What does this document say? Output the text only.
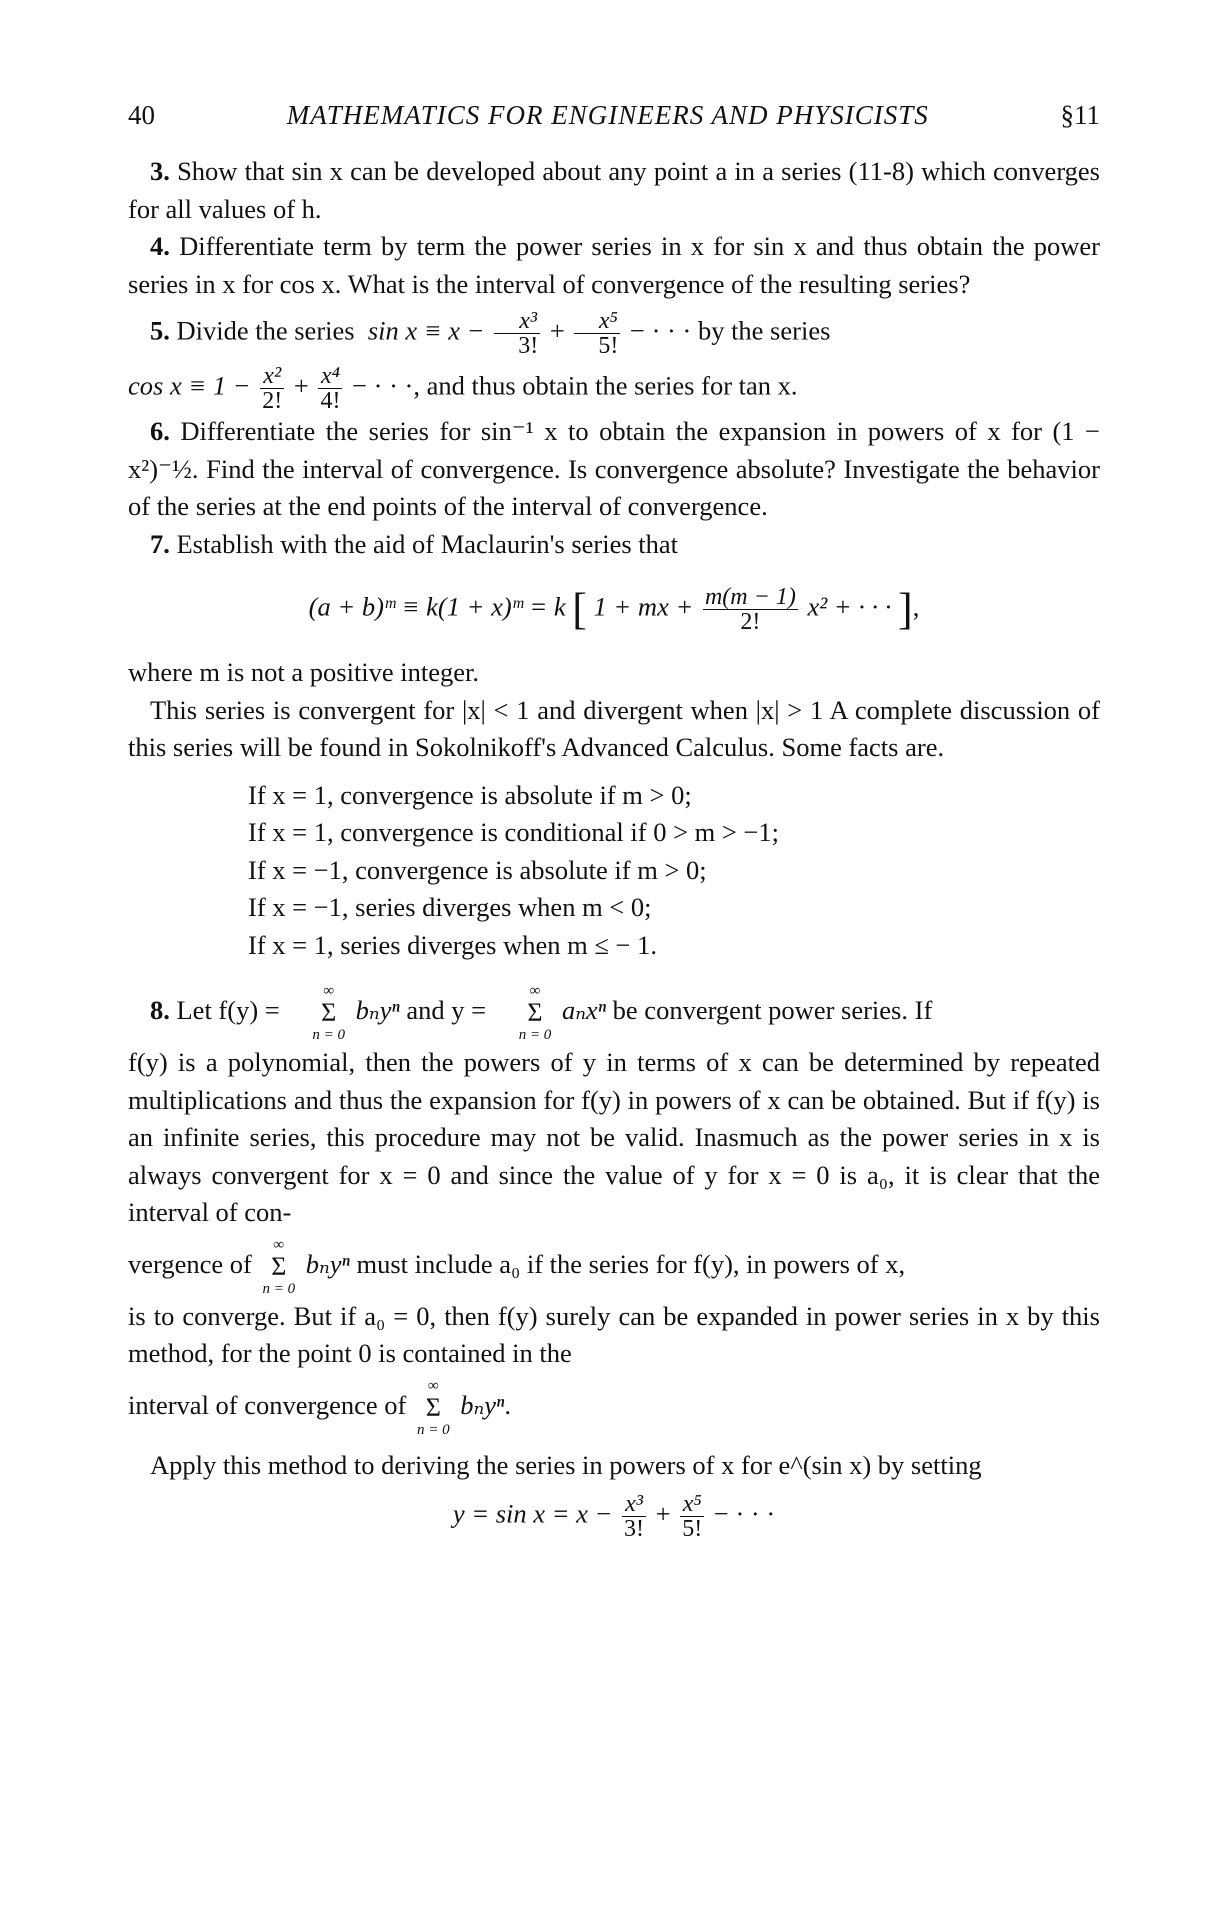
40	MATHEMATICS FOR ENGINEERS AND PHYSICISTS	§11

3. Show that sin x can be developed about any point a in a series (11-8) which converges for all values of h.

4. Differentiate term by term the power series in x for sin x and thus obtain the power series in x for cos x. What is the interval of convergence of the resulting series?

5. Divide the series $\sin x \equiv x - \frac{\text{x³}}{3!} + \frac{\text{x⁵}}{5!}$ − · · · by the series

$\cos x \equiv 1 - \frac{\text{x²}}{2!} + \frac{\text{x⁴}}{4!}$ − · · ·, and thus obtain the series for tan x.

6. Differentiate the series for sin⁻¹ x to obtain the expansion in powers of x for (1 − x²)⁻½. Find the interval of convergence. Is convergence absolute? Investigate the behavior of the series at the end points of the interval of convergence.

7. Establish with the aid of Maclaurin's series that

(a + b)ᵐ ≡ k(1 + x)ᵐ = k [ 1 + mx + $\frac{m(m - 1)}{2!} x^2$ + · · · ],

where m is not a positive integer.

This series is convergent for |x| < 1 and divergent when |x| > 1 A complete discussion of this series will be found in Sokolnikoff's Advanced Calculus. Some facts are.

If x = 1, convergence is absolute if m > 0;
If x = 1, convergence is conditional if 0 > m > −1;
If x = −1, convergence is absolute if m > 0;
If x = −1, series diverges when m < 0;
If x = 1, series diverges when m ≤ − 1.

8. Let f(y) =
∞
Σ
n = 0
bₙyⁿ and y =
∞
Σ
n = 0
aₙxⁿ be convergent power series. If

f(y) is a polynomial, then the powers of y in terms of x can be determined by repeated multiplications and thus the expansion for f(y) in powers of x can be obtained. But if f(y) is an infinite series, this procedure may not be valid. Inasmuch as the power series in x is always convergent for x = 0 and since the value of y for x = 0 is a₀, it is clear that the interval of con-

vergence of
∞
Σ
n = 0
bₙyⁿ must include a₀ if the series for f(y), in powers of x,

is to converge. But if a₀ = 0, then f(y) surely can be expanded in power series in x by this method, for the point 0 is contained in the

interval of convergence of
∞
Σ
n = 0
bₙyⁿ.

Apply this method to deriving the series in powers of x for e^(sin x) by setting

$y = \sin x = x - \frac{\text{x³}}{3!} + \frac{\text{x⁵}}{5!}$ − · · ·
